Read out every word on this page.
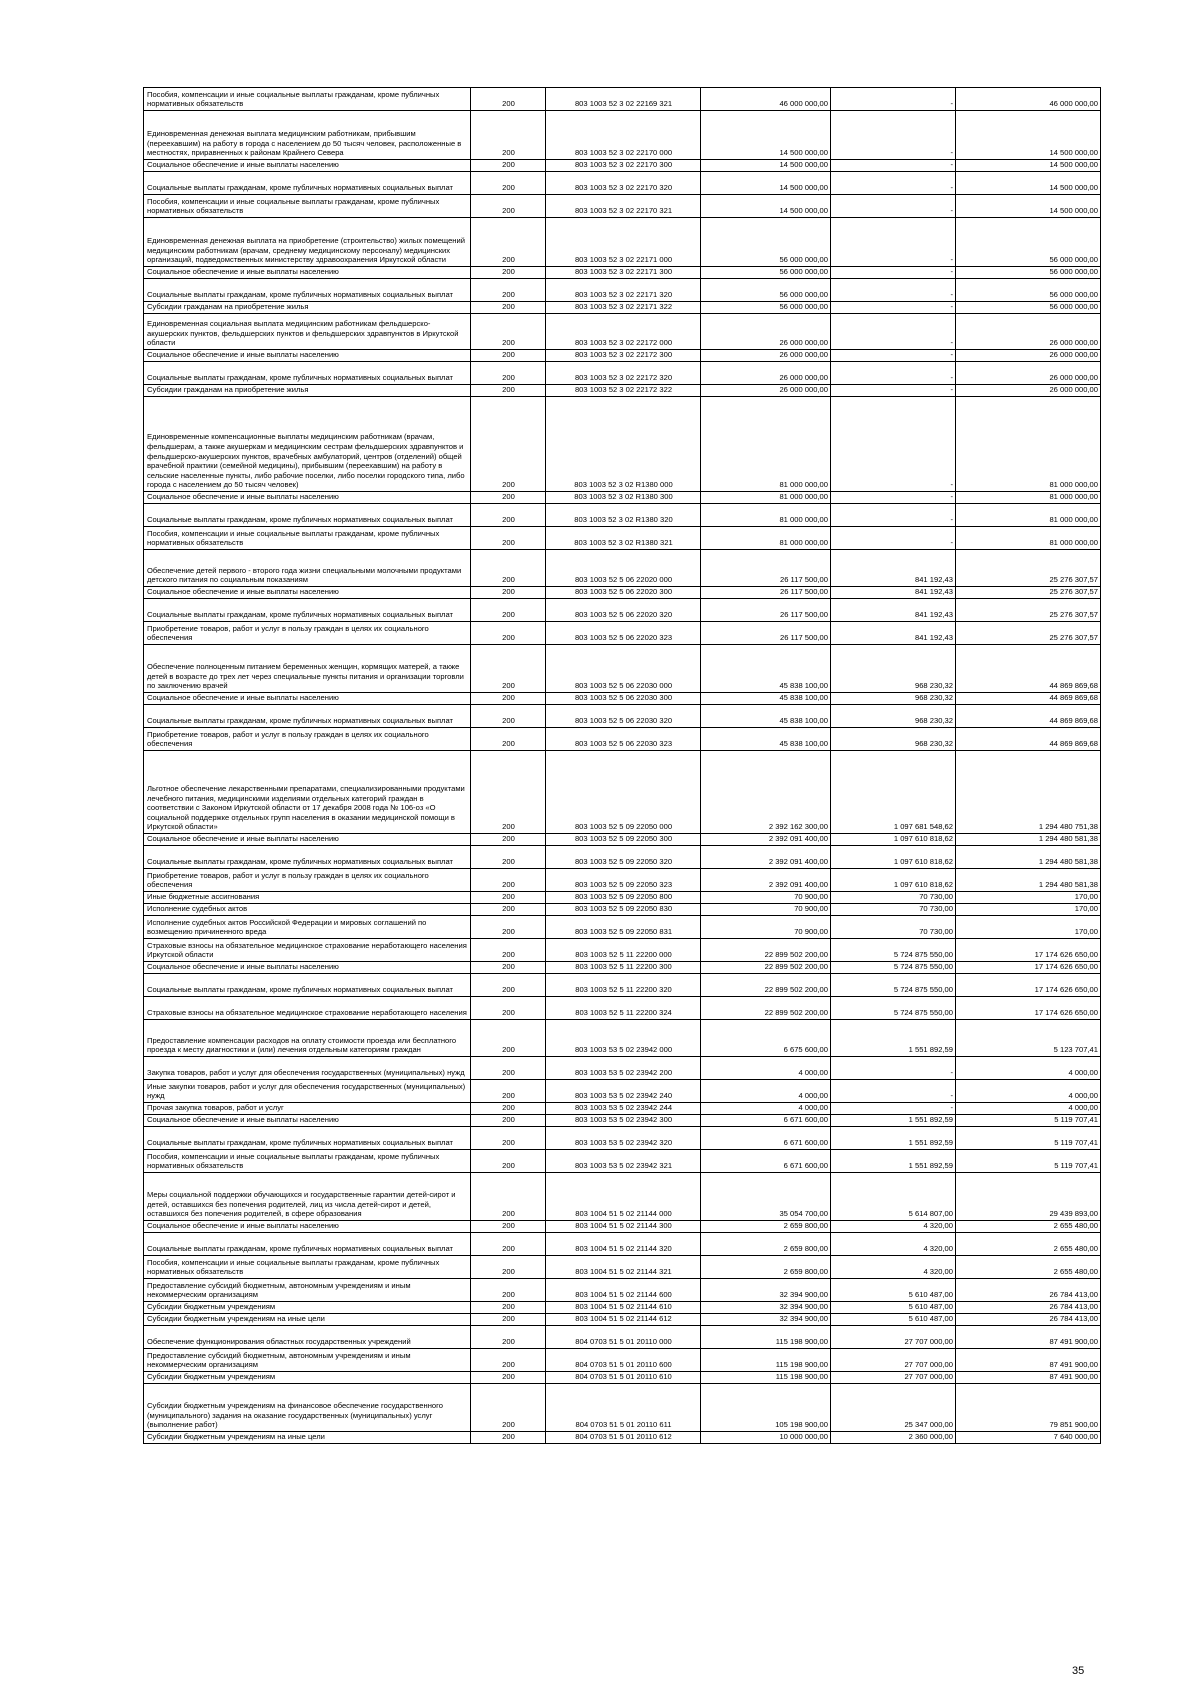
Пособия, компенсации и иные социальные выплаты гражданам, кроме публичных нормативных обязательств	200	803 1003 52 3 02 22169 321	46 000 000,00	-	46 000 000,00
Единовременная денежная выплата медицинским работникам, прибывшим (переехавшим) на работу в города с населением до 50 тысяч человек, расположенные в местностях, приравненных к районам Крайнего Севера	200	803 1003 52 3 02 22170 000	14 500 000,00	-	14 500 000,00
Социальное обеспечение и иные выплаты населению	200	803 1003 52 3 02 22170 300	14 500 000,00	-	14 500 000,00
Социальные выплаты гражданам, кроме публичных нормативных социальных выплат	200	803 1003 52 3 02 22170 320	14 500 000,00	-	14 500 000,00
Пособия, компенсации и иные социальные выплаты гражданам, кроме публичных нормативных обязательств	200	803 1003 52 3 02 22170 321	14 500 000,00	-	14 500 000,00
Единовременная денежная выплата на приобретение (строительство) жилых помещений медицинским работникам (врачам, среднему медицинскому персоналу) медицинских организаций, подведомственных министерству здравоохранения Иркутской области	200	803 1003 52 3 02 22171 000	56 000 000,00	-	56 000 000,00
Социальное обеспечение и иные выплаты населению	200	803 1003 52 3 02 22171 300	56 000 000,00	-	56 000 000,00
Социальные выплаты гражданам, кроме публичных нормативных социальных выплат	200	803 1003 52 3 02 22171 320	56 000 000,00	-	56 000 000,00
Субсидии гражданам на приобретение жилья	200	803 1003 52 3 02 22171 322	56 000 000,00	-	56 000 000,00
Единовременная социальная выплата медицинским работникам фельдшерско-акушерских пунктов, фельдшерских пунктов и фельдшерских здравпунктов в Иркутской области	200	803 1003 52 3 02 22172 000	26 000 000,00	-	26 000 000,00
Социальное обеспечение и иные выплаты населению	200	803 1003 52 3 02 22172 300	26 000 000,00	-	26 000 000,00
Социальные выплаты гражданам, кроме публичных нормативных социальных выплат	200	803 1003 52 3 02 22172 320	26 000 000,00	-	26 000 000,00
Субсидии гражданам на приобретение жилья	200	803 1003 52 3 02 22172 322	26 000 000,00	-	26 000 000,00
Единовременные компенсационные выплаты медицинским работникам (врачам, фельдшерам, а также акушеркам и медицинским сестрам фельдшерских здравпунктов и фельдшерско-акушерских пунктов, врачебных амбулаторий, центров (отделений) общей врачебной практики (семейной медицины), прибывшим (переехавшим) на работу в сельские населенные пункты, либо рабочие поселки, либо поселки городского типа, либо города с населением до 50 тысяч человек)	200	803 1003 52 3 02 R1380 000	81 000 000,00	-	81 000 000,00
Социальное обеспечение и иные выплаты населению	200	803 1003 52 3 02 R1380 300	81 000 000,00	-	81 000 000,00
Социальные выплаты гражданам, кроме публичных нормативных социальных выплат	200	803 1003 52 3 02 R1380 320	81 000 000,00	-	81 000 000,00
Пособия, компенсации и иные социальные выплаты гражданам, кроме публичных нормативных обязательств	200	803 1003 52 3 02 R1380 321	81 000 000,00	-	81 000 000,00
Обеспечение детей первого - второго года жизни специальными молочными продуктами детского питания по социальным показаниям	200	803 1003 52 5 06 22020 000	26 117 500,00	841 192,43	25 276 307,57
Социальное обеспечение и иные выплаты населению	200	803 1003 52 5 06 22020 300	26 117 500,00	841 192,43	25 276 307,57
Социальные выплаты гражданам, кроме публичных нормативных социальных выплат	200	803 1003 52 5 06 22020 320	26 117 500,00	841 192,43	25 276 307,57
Приобретение товаров, работ и услуг в пользу граждан в целях их социального обеспечения	200	803 1003 52 5 06 22020 323	26 117 500,00	841 192,43	25 276 307,57
Обеспечение полноценным питанием беременных женщин, кормящих матерей, а также детей в возрасте до трех лет через специальные пункты питания и организации торговли по заключению врачей	200	803 1003 52 5 06 22030 000	45 838 100,00	968 230,32	44 869 869,68
Социальное обеспечение и иные выплаты населению	200	803 1003 52 5 06 22030 300	45 838 100,00	968 230,32	44 869 869,68
Социальные выплаты гражданам, кроме публичных нормативных социальных выплат	200	803 1003 52 5 06 22030 320	45 838 100,00	968 230,32	44 869 869,68
Приобретение товаров, работ и услуг в пользу граждан в целях их социального обеспечения	200	803 1003 52 5 06 22030 323	45 838 100,00	968 230,32	44 869 869,68
Льготное обеспечение лекарственными препаратами, специализированными продуктами лечебного питания, медицинскими изделиями отдельных категорий граждан в соответствии с Законом Иркутской области от 17 декабря 2008 года № 106-оз «О социальной поддержке отдельных групп населения в оказании медицинской помощи в Иркутской области»	200	803 1003 52 5 09 22050 000	2 392 162 300,00	1 097 681 548,62	1 294 480 751,38
Социальное обеспечение и иные выплаты населению	200	803 1003 52 5 09 22050 300	2 392 091 400,00	1 097 610 818,62	1 294 480 581,38
Социальные выплаты гражданам, кроме публичных нормативных социальных выплат	200	803 1003 52 5 09 22050 320	2 392 091 400,00	1 097 610 818,62	1 294 480 581,38
Приобретение товаров, работ и услуг в пользу граждан в целях их социального обеспечения	200	803 1003 52 5 09 22050 323	2 392 091 400,00	1 097 610 818,62	1 294 480 581,38
Иные бюджетные ассигнования	200	803 1003 52 5 09 22050 800	70 900,00	70 730,00	170,00
Исполнение судебных актов	200	803 1003 52 5 09 22050 830	70 900,00	70 730,00	170,00
Исполнение судебных актов Российской Федерации и мировых соглашений по возмещению причиненного вреда	200	803 1003 52 5 09 22050 831	70 900,00	70 730,00	170,00
Страховые взносы на обязательное медицинское страхование неработающего населения Иркутской области	200	803 1003 52 5 11 22200 000	22 899 502 200,00	5 724 875 550,00	17 174 626 650,00
Социальное обеспечение и иные выплаты населению	200	803 1003 52 5 11 22200 300	22 899 502 200,00	5 724 875 550,00	17 174 626 650,00
Социальные выплаты гражданам, кроме публичных нормативных социальных выплат	200	803 1003 52 5 11 22200 320	22 899 502 200,00	5 724 875 550,00	17 174 626 650,00
Страховые взносы на обязательное медицинское страхование неработающего населения	200	803 1003 52 5 11 22200 324	22 899 502 200,00	5 724 875 550,00	17 174 626 650,00
Предоставление компенсации расходов на оплату стоимости проезда или бесплатного проезда к месту диагностики и (или) лечения отдельным категориям граждан	200	803 1003 53 5 02 23942 000	6 675 600,00	1 551 892,59	5 123 707,41
Закупка товаров, работ и услуг для обеспечения государственных (муниципальных) нужд	200	803 1003 53 5 02 23942 200	4 000,00	-	4 000,00
Иные закупки товаров, работ и услуг для обеспечения государственных (муниципальных) нужд	200	803 1003 53 5 02 23942 240	4 000,00	-	4 000,00
Прочая закупка товаров, работ и услуг	200	803 1003 53 5 02 23942 244	4 000,00	-	4 000,00
Социальное обеспечение и иные выплаты населению	200	803 1003 53 5 02 23942 300	6 671 600,00	1 551 892,59	5 119 707,41
Социальные выплаты гражданам, кроме публичных нормативных социальных выплат	200	803 1003 53 5 02 23942 320	6 671 600,00	1 551 892,59	5 119 707,41
Пособия, компенсации и иные социальные выплаты гражданам, кроме публичных нормативных обязательств	200	803 1003 53 5 02 23942 321	6 671 600,00	1 551 892,59	5 119 707,41
Меры социальной поддержки обучающихся и государственные гарантии детей-сирот и детей, оставшихся без попечения родителей, лиц из числа детей-сирот и детей, оставшихся без попечения родителей, в сфере образования	200	803 1004 51 5 02 21144 000	35 054 700,00	5 614 807,00	29 439 893,00
Социальное обеспечение и иные выплаты населению	200	803 1004 51 5 02 21144 300	2 659 800,00	4 320,00	2 655 480,00
Социальные выплаты гражданам, кроме публичных нормативных социальных выплат	200	803 1004 51 5 02 21144 320	2 659 800,00	4 320,00	2 655 480,00
Пособия, компенсации и иные социальные выплаты гражданам, кроме публичных нормативных обязательств	200	803 1004 51 5 02 21144 321	2 659 800,00	4 320,00	2 655 480,00
Предоставление субсидий бюджетным, автономным учреждениям и иным некоммерческим организациям	200	803 1004 51 5 02 21144 600	32 394 900,00	5 610 487,00	26 784 413,00
Субсидии бюджетным учреждениям	200	803 1004 51 5 02 21144 610	32 394 900,00	5 610 487,00	26 784 413,00
Субсидии бюджетным учреждениям на иные цели	200	803 1004 51 5 02 21144 612	32 394 900,00	5 610 487,00	26 784 413,00
Обеспечение функционирования областных государственных учреждений	200	804 0703 51 5 01 20110 000	115 198 900,00	27 707 000,00	87 491 900,00
Предоставление субсидий бюджетным, автономным учреждениям и иным некоммерческим организациям	200	804 0703 51 5 01 20110 600	115 198 900,00	27 707 000,00	87 491 900,00
Субсидии бюджетным учреждениям	200	804 0703 51 5 01 20110 610	115 198 900,00	27 707 000,00	87 491 900,00
Субсидии бюджетным учреждениям на финансовое обеспечение государственного (муниципального) задания на оказание государственных (муниципальных) услуг (выполнение работ)	200	804 0703 51 5 01 20110 611	105 198 900,00	25 347 000,00	79 851 900,00
Субсидии бюджетным учреждениям на иные цели	200	804 0703 51 5 01 20110 612	10 000 000,00	2 360 000,00	7 640 000,00
35
